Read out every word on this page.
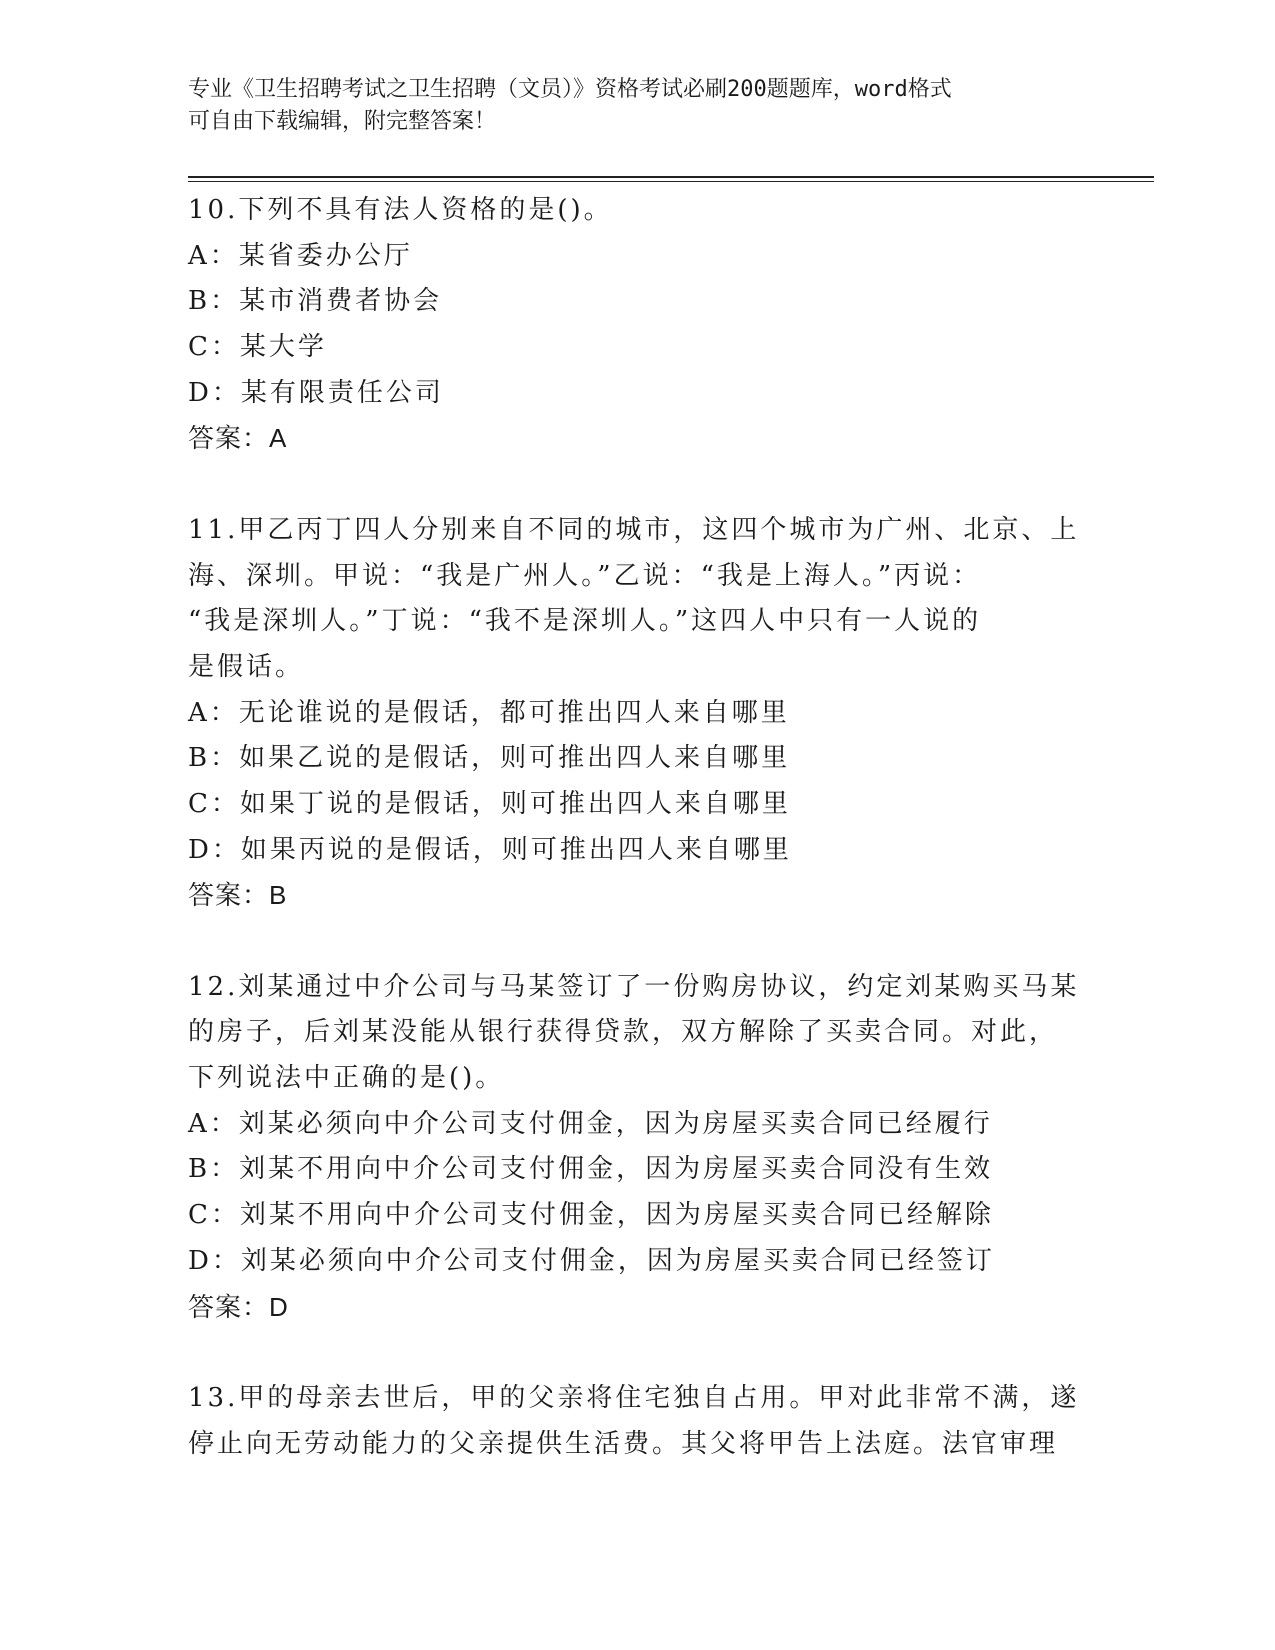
专业《卫生招聘考试之卫生招聘（文员）》资格考试必刷200题题库，word格式
可自由下载编辑，附完整答案！
10.下列不具有法人资格的是()。
A：某省委办公厅
B：某市消费者协会
C：某大学
D：某有限责任公司
答案：A
11.甲乙丙丁四人分别来自不同的城市，这四个城市为广州、北京、上
海、深圳。甲说：“我是广州人。”乙说：“我是上海人。”丙说：
“我是深圳人。”丁说：“我不是深圳人。”这四人中只有一人说的
是假话。
A：无论谁说的是假话，都可推出四人来自哪里
B：如果乙说的是假话，则可推出四人来自哪里
C：如果丁说的是假话，则可推出四人来自哪里
D：如果丙说的是假话，则可推出四人来自哪里
答案：B
12.刘某通过中介公司与马某签订了一份购房协议，约定刘某购买马某
的房子，后刘某没能从银行获得贷款，双方解除了买卖合同。对此，
下列说法中正确的是()。
A：刘某必须向中介公司支付佣金，因为房屋买卖合同已经履行
B：刘某不用向中介公司支付佣金，因为房屋买卖合同没有生效
C：刘某不用向中介公司支付佣金，因为房屋买卖合同已经解除
D：刘某必须向中介公司支付佣金，因为房屋买卖合同已经签订
答案：D
13.甲的母亲去世后，甲的父亲将住宅独自占用。甲对此非常不满，遂
停止向无劳动能力的父亲提供生活费。其父将甲告上法庭。法官审理
